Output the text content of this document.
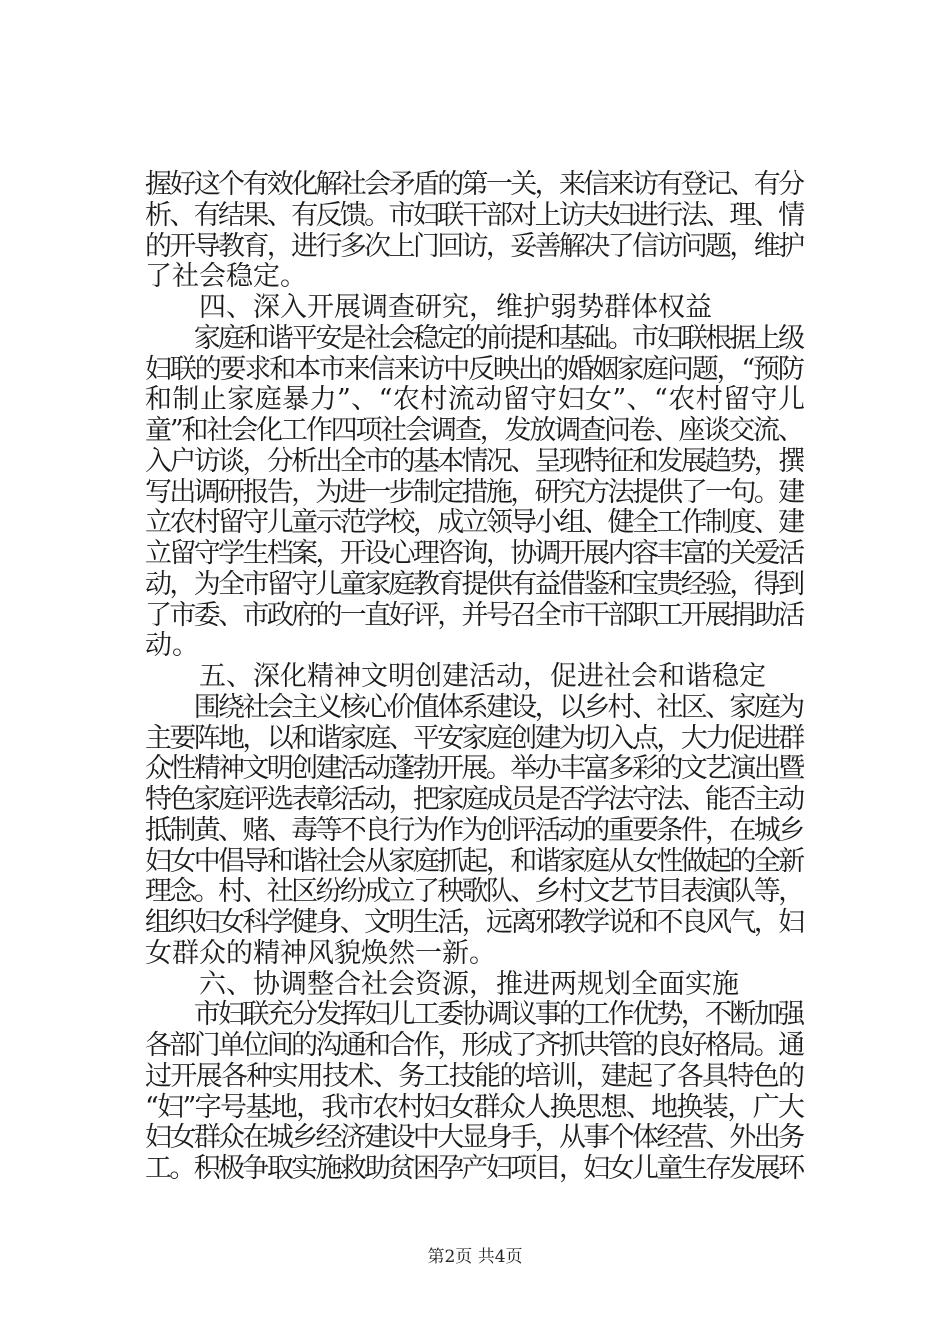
握好这个有效化解社会矛盾的第一关，来信来访有登记、有分
析、有结果、有反馈。市妇联干部对上访夫妇进行法、理、情
的开导教育，进行多次上门回访，妥善解决了信访问题，维护
了社会稳定。
　　四、深入开展调查研究，维护弱势群体权益
　　家庭和谐平安是社会稳定的前提和基础。市妇联根据上级
妇联的要求和本市来信来访中反映出的婚姻家庭问题，“预防
和制止家庭暴力”、“农村流动留守妇女”、“农村留守儿
童”和社会化工作四项社会调查，发放调查问卷、座谈交流、
入户访谈，分析出全市的基本情况、呈现特征和发展趋势，撰
写出调研报告，为进一步制定措施，研究方法提供了一句。建
立农村留守儿童示范学校，成立领导小组、健全工作制度、建
立留守学生档案，开设心理咨询，协调开展内容丰富的关爱活
动，为全市留守儿童家庭教育提供有益借鉴和宝贵经验，得到
了市委、市政府的一直好评，并号召全市干部职工开展捐助活
动。
　　五、深化精神文明创建活动，促进社会和谐稳定
　　围绕社会主义核心价值体系建设，以乡村、社区、家庭为
主要阵地，以和谐家庭、平安家庭创建为切入点，大力促进群
众性精神文明创建活动蓬勃开展。举办丰富多彩的文艺演出暨
特色家庭评选表彰活动，把家庭成员是否学法守法、能否主动
抵制黄、赌、毒等不良行为作为创评活动的重要条件，在城乡
妇女中倡导和谐社会从家庭抓起，和谐家庭从女性做起的全新
理念。村、社区纷纷成立了秧歌队、乡村文艺节目表演队等，
组织妇女科学健身、文明生活，远离邪教学说和不良风气，妇
女群众的精神风貌焕然一新。
　　六、协调整合社会资源，推进两规划全面实施
　　市妇联充分发挥妇儿工委协调议事的工作优势，不断加强
各部门单位间的沟通和合作，形成了齐抓共管的良好格局。通
过开展各种实用技术、务工技能的培训，建起了各具特色的
“妇”字号基地，我市农村妇女群众人换思想、地换装，广大
妇女群众在城乡经济建设中大显身手，从事个体经营、外出务
工。积极争取实施救助贫困孕产妇项目，妇女儿童生存发展环
第2页 共4页
